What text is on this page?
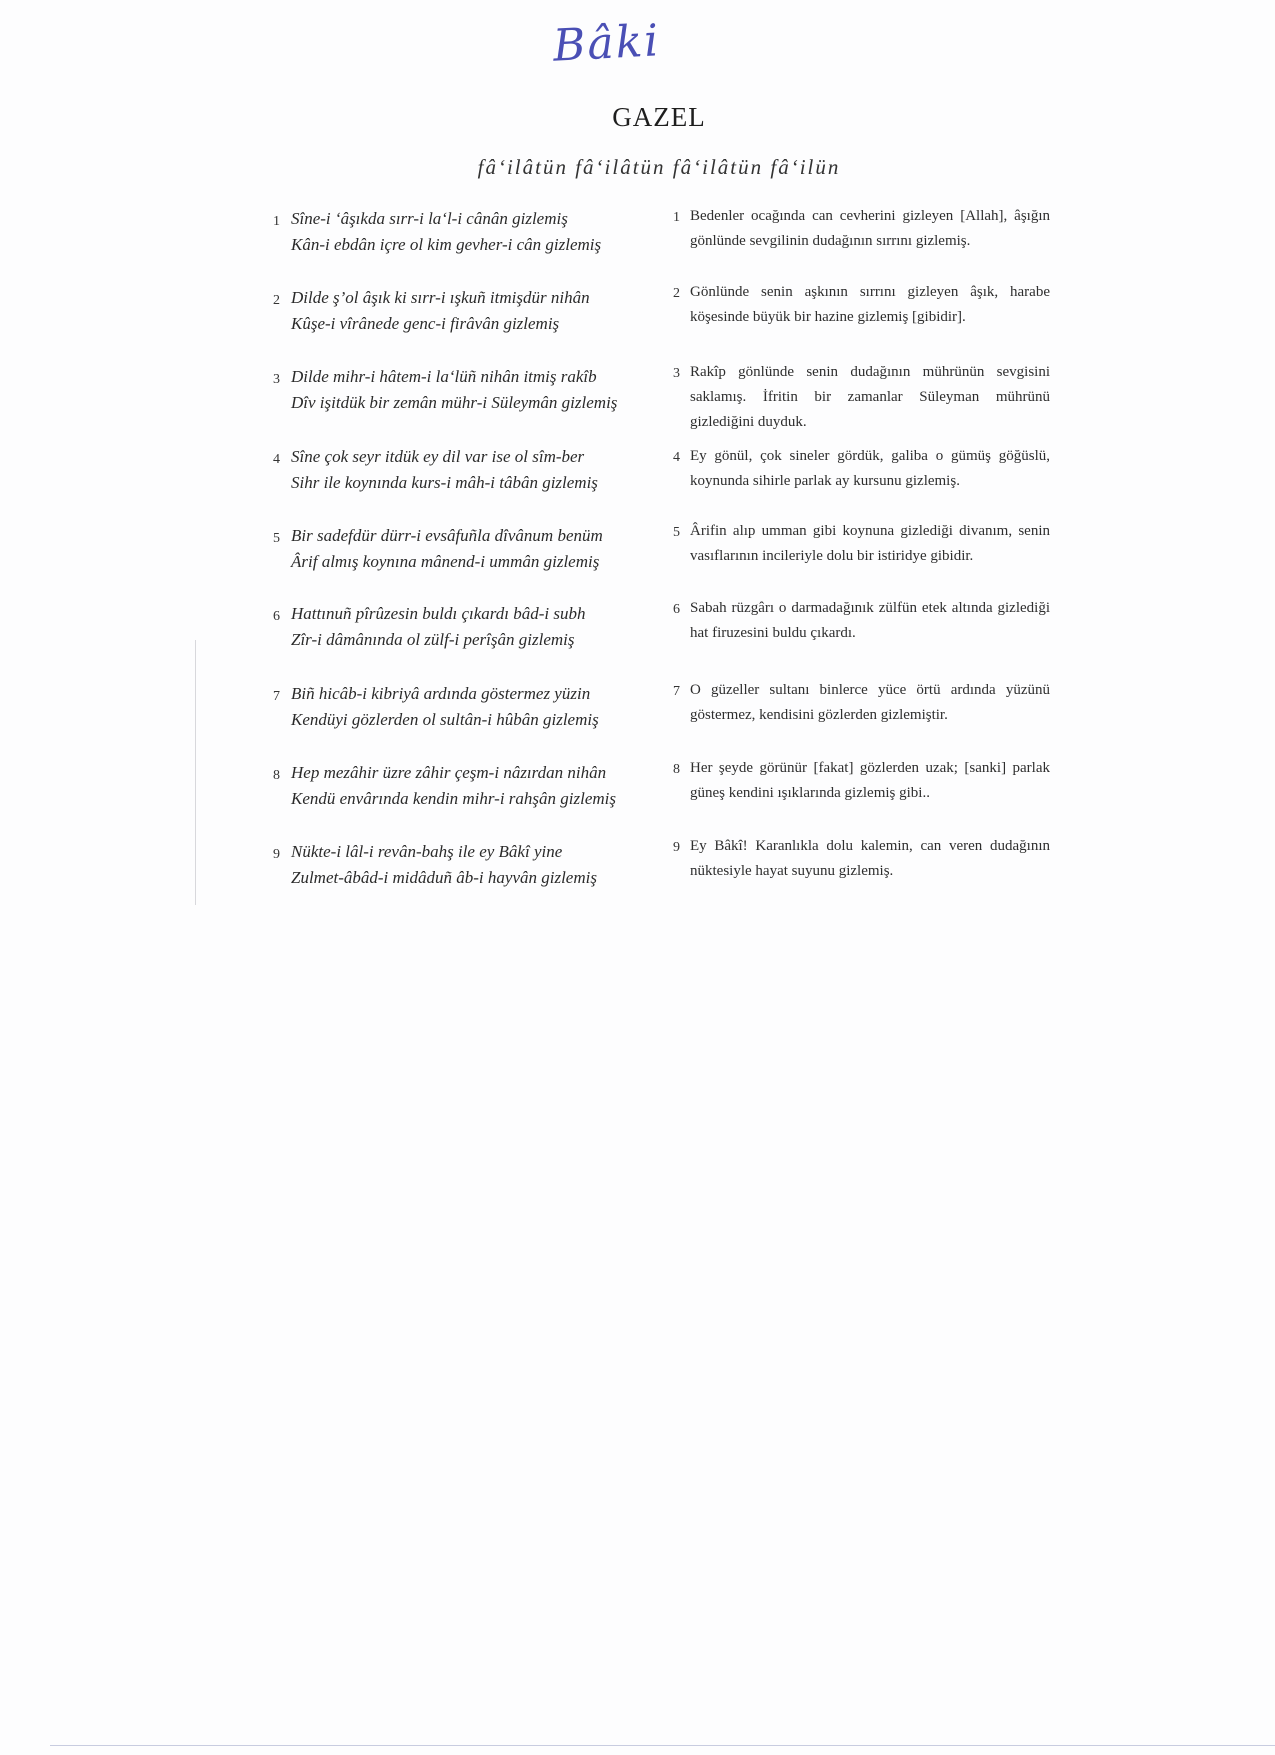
Bâki
GAZEL
fâ‘ilâtün fâ‘ilâtün fâ‘ilâtün fâ‘ilün
1 Sîne-i ‘âşıkda sırr-i la‘l-i cânân gizlemiş
Kân-i ebdân içre ol kim gevher-i cân gizlemiş
1 Bedenler ocağında can cevherini gizleyen [Allah], âşığın gönlünde sevgilinin dudağının sırrını gizlemiş.
2 Dilde ş’ol âşık ki sırr-i ışkuñ itmişdür nihân
Kûşe-i vîrânede genc-i firâvân gizlemiş
2 Gönlünde senin aşkının sırrını gizleyen âşık, harabe köşesinde büyük bir hazine gizlemiş [gibidir].
3 Dilde mihr-i hâtem-i la‘lüñ nihân itmiş rakîb
Dîv işitdük bir zemân mühr-i Süleymân gizlemiş
3 Rakîp gönlünde senin dudağının mührünün sevgisini saklamış. İfritin bir zamanlar Süleyman mührünü gizlediğini duyduk.
4 Sîne çok seyr itdük ey dil var ise ol sîm-ber
Sihr ile koynında kurs-i mâh-i tâbân gizlemiş
4 Ey gönül, çok sineler gördük, galiba o gümüş göğüslü, koynunda sihirle parlak ay kursunu gizlemiş.
5 Bir sadefdür dürr-i evsâfuñla dîvânum benüm
Ârif almış koynına mânend-i ummân gizlemiş
5 Ârifin alıp umman gibi koynuna gizlediği divanım, senin vasıflarının incileriyle dolu bir istiridye gibidir.
6 Hattınuñ pîrûzesin buldı çıkardı bâd-i subh
Zîr-i dâmânında ol zülf-i perîşân gizlemiş
6 Sabah rüzgârı o darmadağınık zülfün etek altında gizlediği hat firuzesini buldu çıkardı.
7 Biñ hicâb-i kibriyâ ardında göstermez yüzin
Kendüyi gözlerden ol sultân-i hûbân gizlemiş
7 O güzeller sultanı binlerce yüce örtü ardında yüzünü göstermez, kendisini gözlerden gizlemiştir.
8 Hep mezâhir üzre zâhir çeşm-i nâzırdan nihân
Kendü envârında kendin mihr-i rahşân gizlemiş
8 Her şeyde görünür [fakat] gözlerden uzak; [sanki] parlak güneş kendini ışıklarında gizlemiş gibi..
9 Nükte-i lâl-i revân-bahş ile ey Bâkî yine
Zulmet-âbâd-i midâduñ âb-i hayvân gizlemiş
9 Ey Bâkî! Karanlıkla dolu kalemin, can veren dudağının nüktesiyle hayat suyunu gizlemiş.
